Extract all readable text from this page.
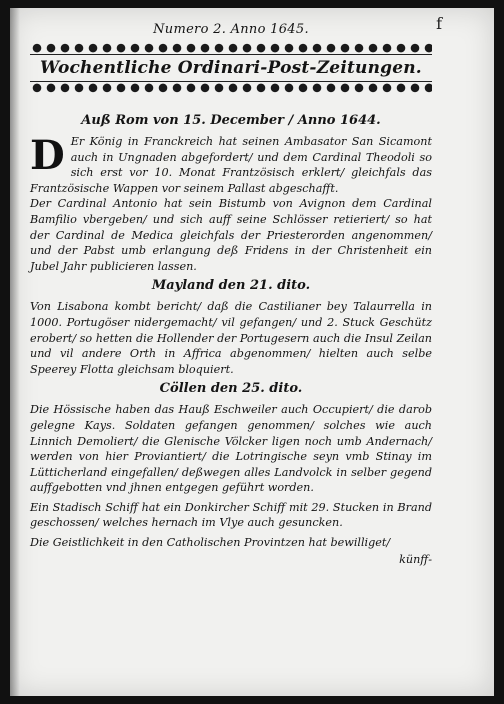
f
Numero 2. Anno 1645.
Wochentliche Ordinari-Post-Zeitungen.
Auß Rom von 15. December / Anno 1644.

D Er König in Franckreich hat seinen Ambasator San Sicamont auch in Ungnaden abgefordert/ und dem Cardinal Theodoli so sich erst vor 10. Monat Frantzösisch erklert/ gleichfals das Frantzösische Wappen vor seinem Pallast abgeschafft.

Der Cardinal Antonio hat sein Bistumb von Avignon dem Cardinal Bamfilio vbergeben/ und sich auff seine Schlösser retieriert/ so hat der Cardinal de Medica gleichfals der Priesterorden angenommen/ und der Pabst umb erlangung deß Fridens in der Christenheit ein Jubel Jahr publicieren lassen.

Mayland den 21. dito.

Von Lisabona kombt bericht/ daß die Castilianer bey Talaurrella in 1000. Portugöser nidergemacht/ vil gefangen/ und 2. Stuck Geschütz erobert/ so hetten die Hollender der Portugesern auch die Insul Zeilan und vil andere Orth in Affrica abgenommen/ hielten auch selbe Speerey Flotta gleichsam bloquiert.

Cöllen den 25. dito.

Die Hössische haben das Hauß Eschweiler auch Occupiert/ die darob gelegne Kays. Soldaten gefangen genommen/ solches wie auch Linnich Demoliert/ die Glenische Völcker ligen noch umb Andernach/ werden von hier Proviantiert/ die Lotringische seyn vmb Stinay im Lütticherland eingefallen/ deßwegen alles Landvolck in selber gegend auffgebotten vnd jhnen entgegen geführt worden.

Ein Stadisch Schiff hat ein Donkircher Schiff mit 29. Stucken in Brand geschossen/ welches hernach im Vlye auch gesuncken.

Die Geistlichkeit in den Catholischen Provintzen hat bewilliget/

künff-
